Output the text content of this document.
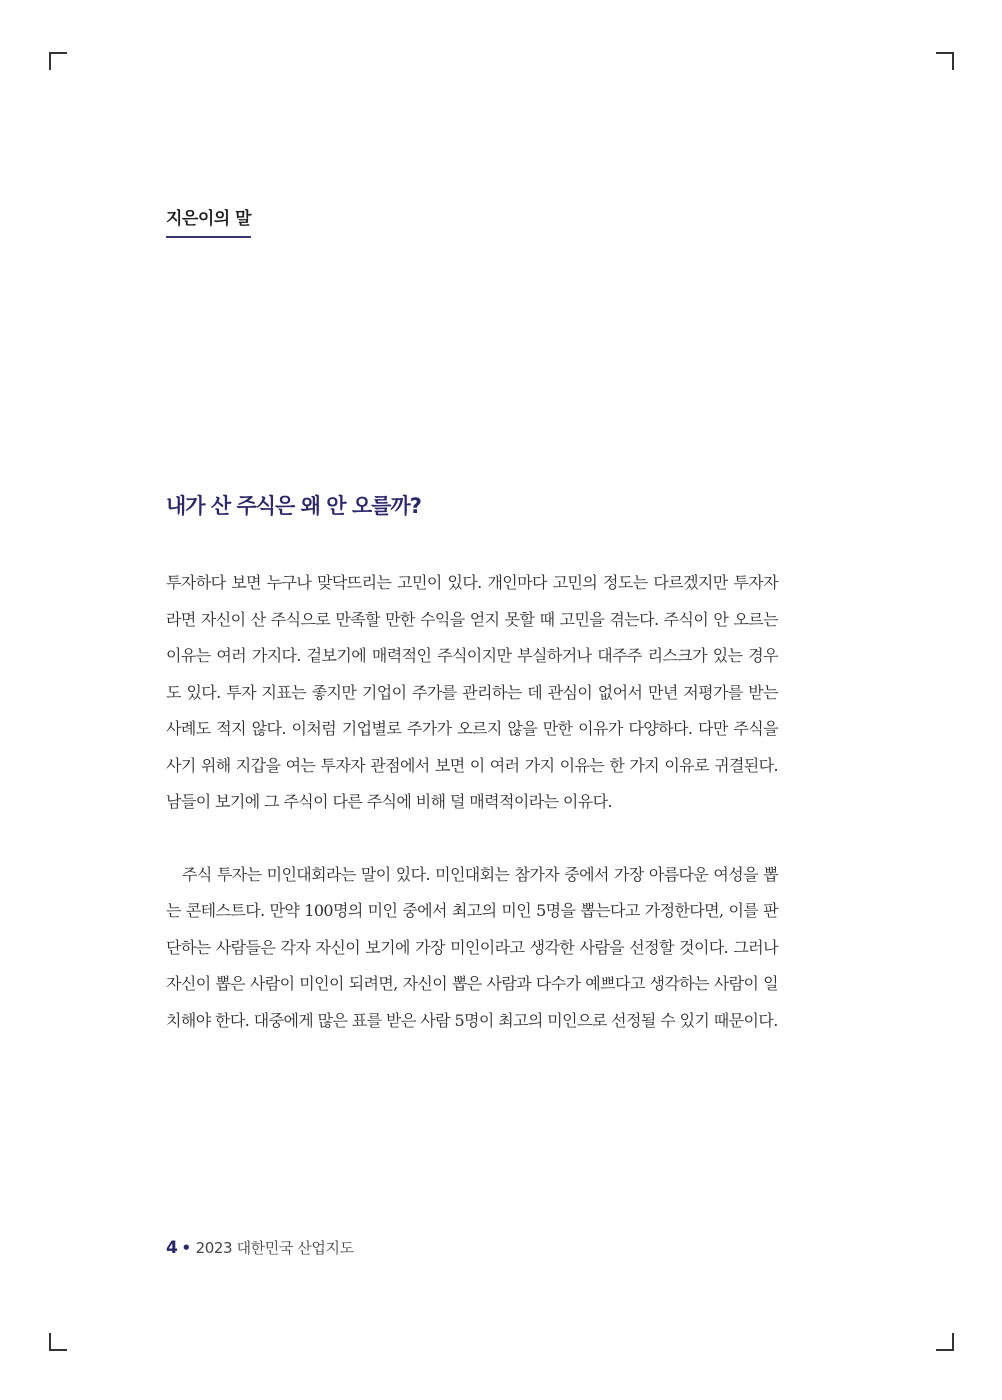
지은이의 말
내가 산 주식은 왜 안 오를까?

투자하다 보면 누구나 맞닥뜨리는 고민이 있다. 개인마다 고민의 정도는 다르겠지만 투자자라면 자신이 산 주식으로 만족할 만한 수익을 얻지 못할 때 고민을 겪는다. 주식이 안 오르는 이유는 여러 가지다. 겉보기에 매력적인 주식이지만 부실하거나 대주주 리스크가 있는 경우도 있다. 투자 지표는 좋지만 기업이 주가를 관리하는 데 관심이 없어서 만년 저평가를 받는 사례도 적지 않다. 이처럼 기업별로 주가가 오르지 않을 만한 이유가 다양하다. 다만 주식을 사기 위해 지갑을 여는 투자자 관점에서 보면 이 여러 가지 이유는 한 가지 이유로 귀결된다. 남들이 보기에 그 주식이 다른 주식에 비해 덜 매력적이라는 이유다.

주식 투자는 미인대회라는 말이 있다. 미인대회는 참가자 중에서 가장 아름다운 여성을 뽑는 콘테스트다. 만약 100명의 미인 중에서 최고의 미인 5명을 뽑는다고 가정한다면, 이를 판단하는 사람들은 각자 자신이 보기에 가장 미인이라고 생각한 사람을 선정할 것이다. 그러나 자신이 뽑은 사람이 미인이 되려면, 자신이 뽑은 사람과 다수가 예쁘다고 생각하는 사람이 일치해야 한다. 대중에게 많은 표를 받은 사람 5명이 최고의 미인으로 선정될 수 있기 때문이다.

4 • 2023 대한민국 산업지도
